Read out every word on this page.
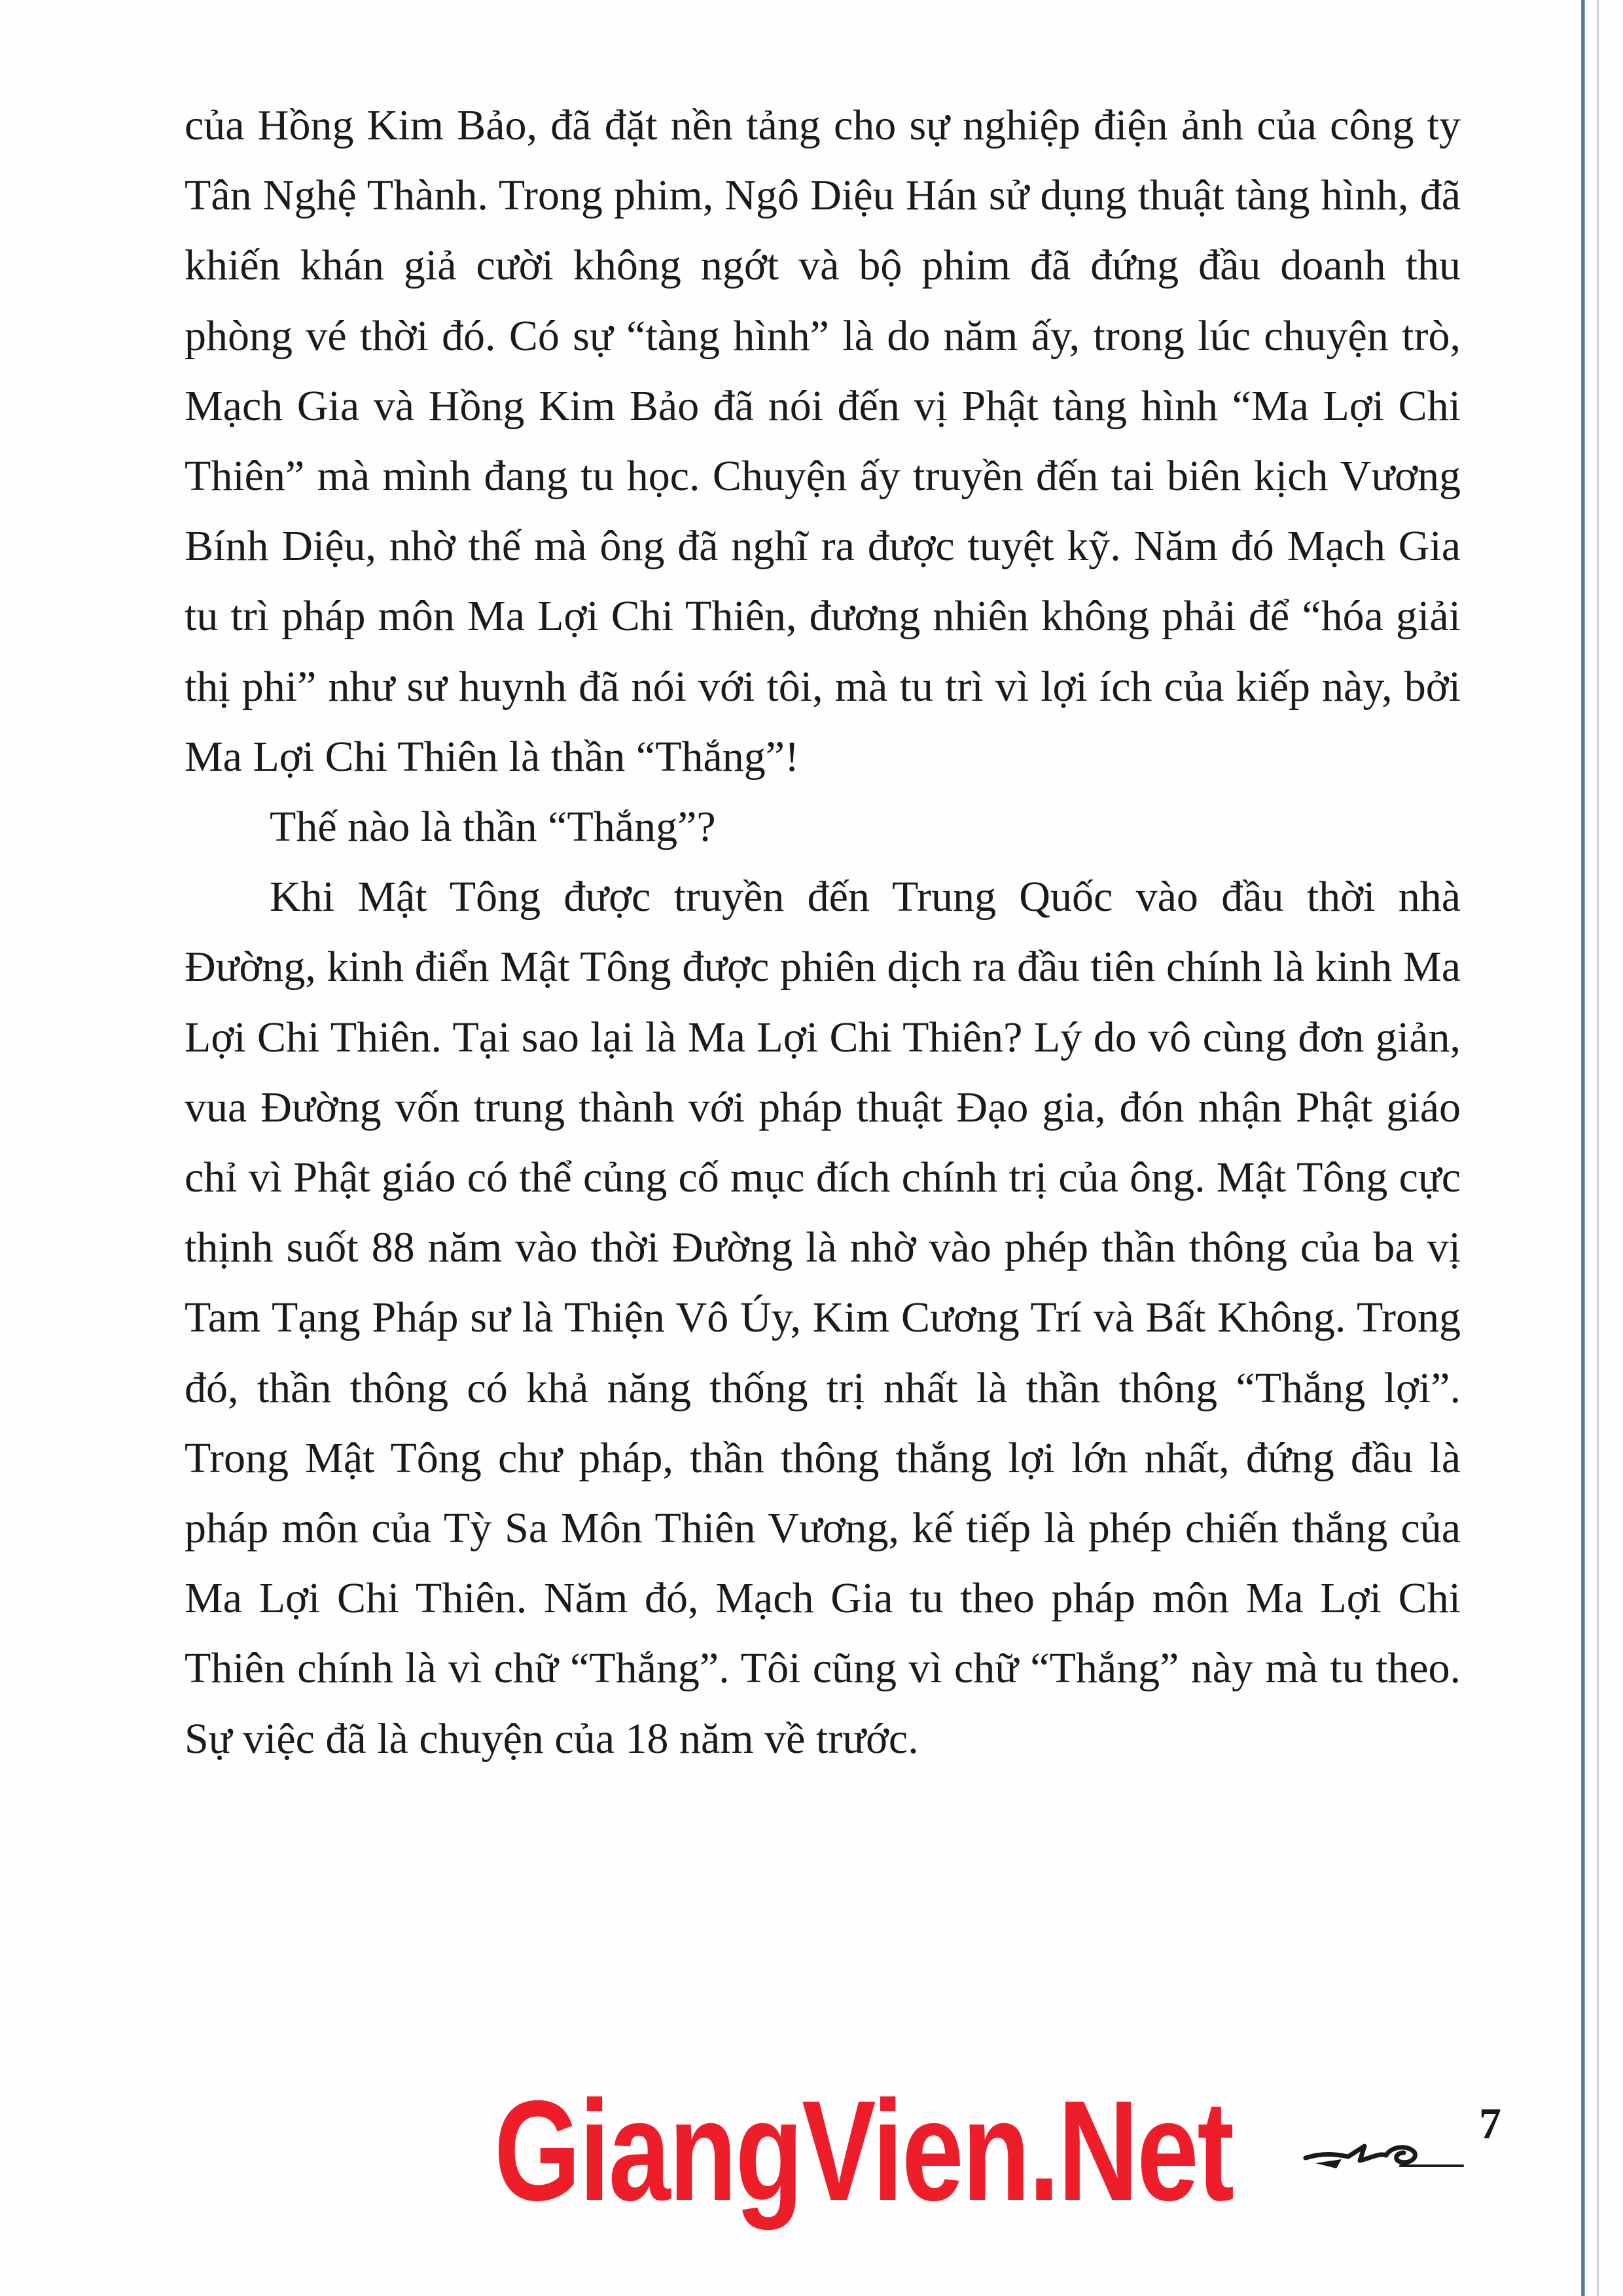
của Hồng Kim Bảo, đã đặt nền tảng cho sự nghiệp điện ảnh của công ty Tân Nghệ Thành. Trong phim, Ngô Diệu Hán sử dụng thuật tàng hình, đã khiến khán giả cười không ngớt và bộ phim đã đứng đầu doanh thu phòng vé thời đó. Có sự “tàng hình” là do năm ấy, trong lúc chuyện trò, Mạch Gia và Hồng Kim Bảo đã nói đến vị Phật tàng hình “Ma Lợi Chi Thiên” mà mình đang tu học. Chuyện ấy truyền đến tai biên kịch Vương Bính Diệu, nhờ thế mà ông đã nghĩ ra được tuyệt kỹ. Năm đó Mạch Gia tu trì pháp môn Ma Lợi Chi Thiên, đương nhiên không phải để “hóa giải thị phi” như sư huynh đã nói với tôi, mà tu trì vì lợi ích của kiếp này, bởi Ma Lợi Chi Thiên là thần “Thắng”!

Thế nào là thần “Thắng”?

Khi Mật Tông được truyền đến Trung Quốc vào đầu thời nhà Đường, kinh điển Mật Tông được phiên dịch ra đầu tiên chính là kinh Ma Lợi Chi Thiên. Tại sao lại là Ma Lợi Chi Thiên? Lý do vô cùng đơn giản, vua Đường vốn trung thành với pháp thuật Đạo gia, đón nhận Phật giáo chỉ vì Phật giáo có thể củng cố mục đích chính trị của ông. Mật Tông cực thịnh suốt 88 năm vào thời Đường là nhờ vào phép thần thông của ba vị Tam Tạng Pháp sư là Thiện Vô Úy, Kim Cương Trí và Bất Không. Trong đó, thần thông có khả năng thống trị nhất là thần thông “Thắng lợi”. Trong Mật Tông chư pháp, thần thông thắng lợi lớn nhất, đứng đầu là pháp môn của Tỳ Sa Môn Thiên Vương, kế tiếp là phép chiến thắng của Ma Lợi Chi Thiên. Năm đó, Mạch Gia tu theo pháp môn Ma Lợi Chi Thiên chính là vì chữ “Thắng”. Tôi cũng vì chữ “Thắng” này mà tu theo. Sự việc đã là chuyện của 18 năm về trước.

GiangVien.Net	7
